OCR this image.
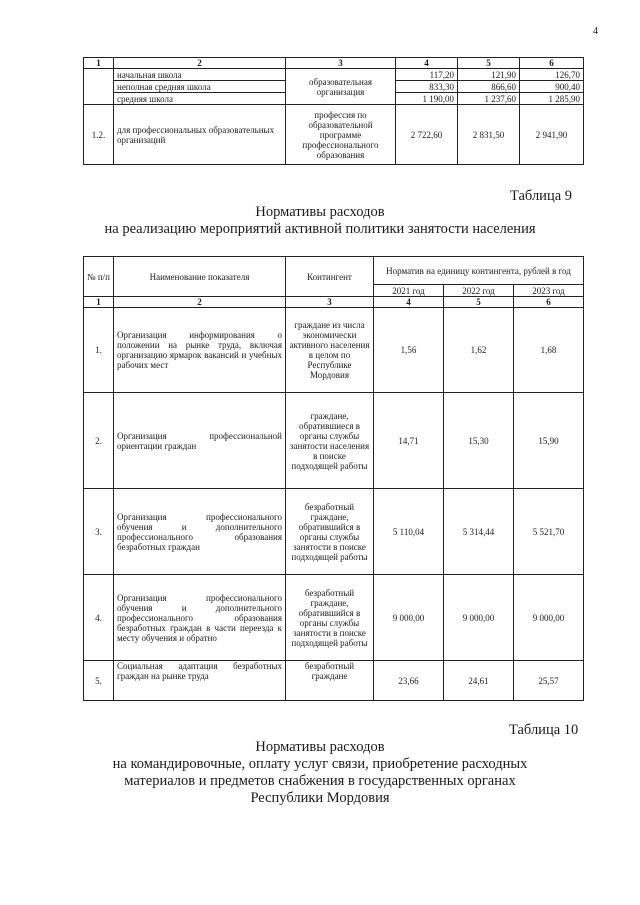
4
1	2	3	4	5	6
	начальная школа	образовательная организация	117,20	121,90	126,70
	неполная средняя школа		833,30	866,60	900,40
	средняя школа		1 190,00	1 237,60	1 285,90
1.2.	для профессиональных образовательных организаций	профессия по образовательной программе профессионального образования	2 722,60	2 831,50	2 941,90
Таблица 9
Нормативы расходов
на реализацию мероприятий активной политики занятости населения
№ п/п	Наименование показателя	Контингент	Норматив на единицу контингента, рублей в год		
			2021 год	2022 год	2023 год
1	2	3	4	5	6
1.	Организация информирования о положении на рынке труда, включая организацию ярмарок вакансий и учебных рабочих мест	граждане из числа экономически активного населения в целом по Республике Мордовия	1,56	1,62	1,68
2.	Организация профессиональной ориентации граждан	граждане, обратившиеся в органы службы занятости населения в поиске подходящей работы	14,71	15,30	15,90
3.	Организация профессионального обучения и дополнительного профессионального образования безработных граждан	безработный граждане, обратившийся в органы службы занятости в поиске подходящей работы	5 110,04	5 314,44	5 521,70
4.	Организация профессионального обучения и дополнительного профессионального образования безработных граждан в части переезда к месту обучения и обратно	безработный граждане, обратившийся в органы службы занятости в поиске подходящей работы	9 000,00	9 000,00	9 000,00
5.	Социальная адаптация безработных граждан на рынке труда	безработный граждане	23,66	24,61	25,57
Таблица 10
Нормативы расходов
на командировочные, оплату услуг связи, приобретение расходных
материалов и предметов снабжения в государственных органах
Республики Мордовия
